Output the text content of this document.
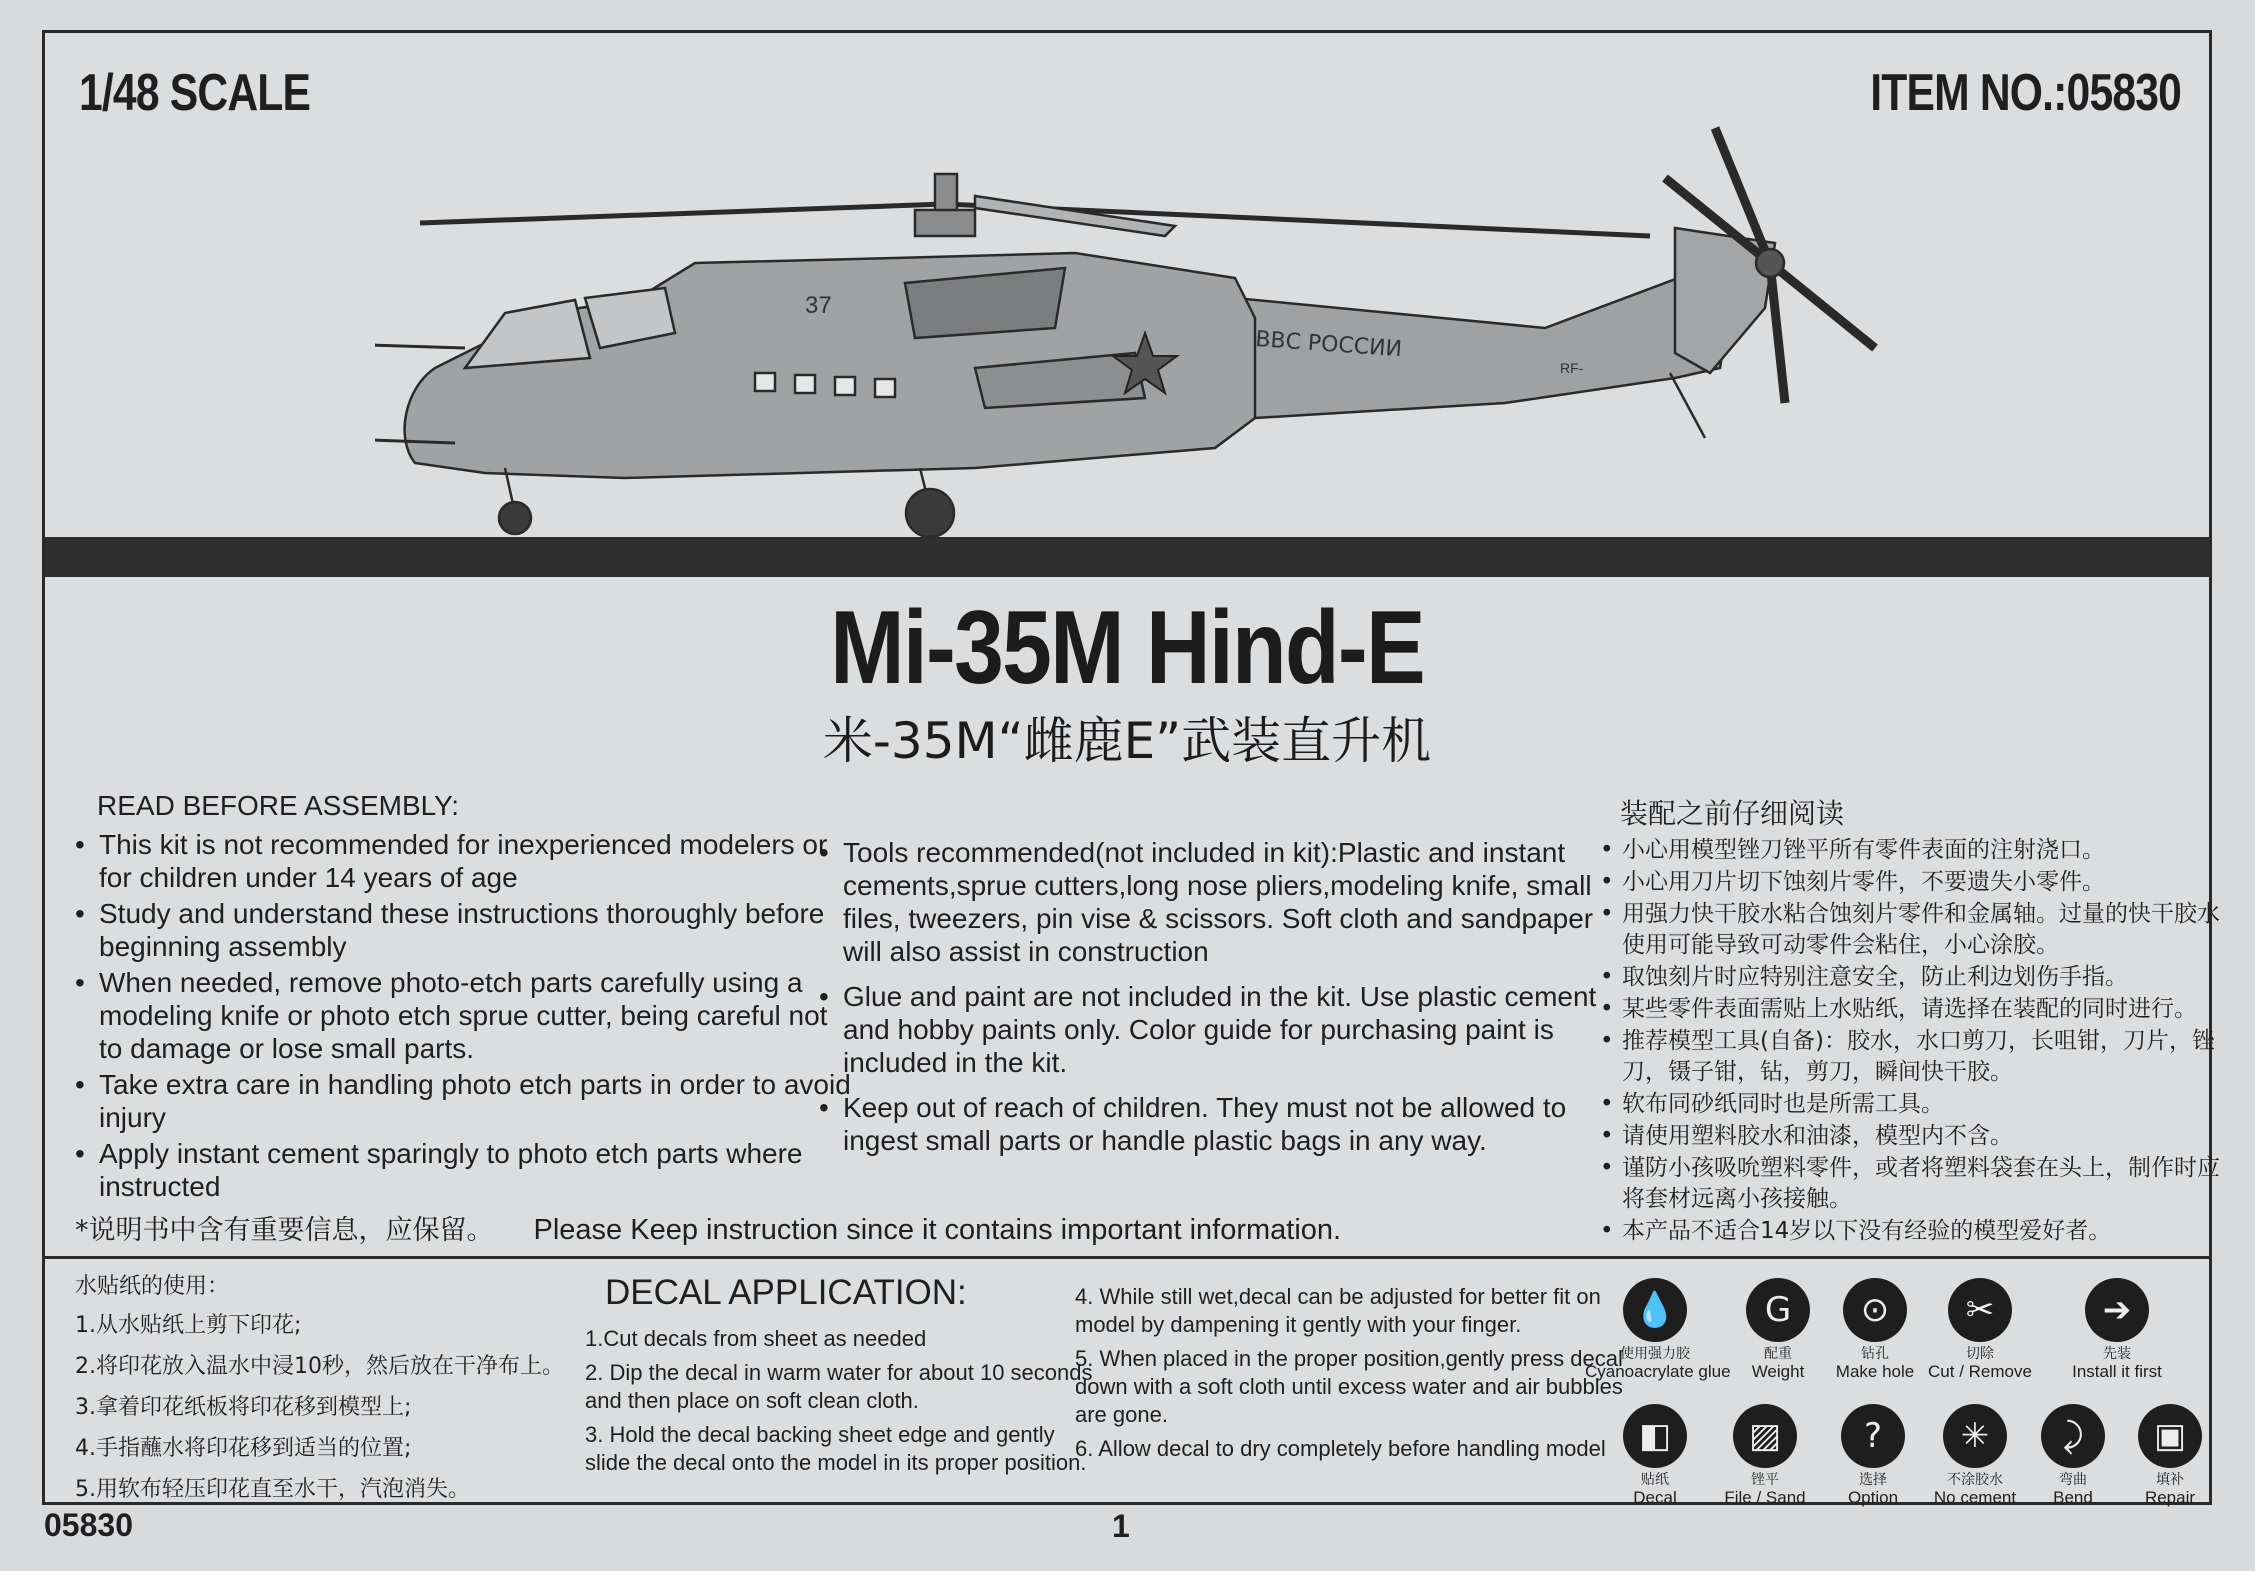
1/48 SCALE	ITEM NO.:05830
37
ВВС РОССИИ
RF-
Mi-35M Hind-E
米-35M“雌鹿E”武装直升机
READ BEFORE ASSEMBLY:
• This kit is not recommended for inexperienced modelers or for children under 14 years of age
• Study and understand these instructions thoroughly before beginning assembly
• When needed, remove photo-etch parts carefully using a modeling knife or photo etch sprue cutter, being careful not to damage or lose small parts.
• Take extra care in handling photo etch parts in order to avoid injury
• Apply instant cement sparingly to photo etch parts where instructed
• Tools recommended(not included in kit):Plastic and instant cements,sprue cutters,long nose pliers,modeling knife, small files, tweezers, pin vise & scissors. Soft cloth and sandpaper will also assist in construction
• Glue and paint are not included in the kit. Use plastic cement and hobby paints only. Color guide for purchasing paint is included in the kit.
• Keep out of reach of children. They must not be allowed to ingest small parts or handle plastic bags in any way.
装配之前仔细阅读
• 小心用模型锉刀锉平所有零件表面的注射浇口。
• 小心用刀片切下蚀刻片零件，不要遗失小零件。
• 用强力快干胶水粘合蚀刻片零件和金属轴。过量的快干胶水使用可能导致可动零件会粘住，小心涂胶。
• 取蚀刻片时应特别注意安全，防止利边划伤手指。
• 某些零件表面需贴上水贴纸，请选择在装配的同时进行。
• 推荐模型工具(自备)：胶水，水口剪刀，长咀钳，刀片，锉刀，镊子钳，钻，剪刀，瞬间快干胶。
• 软布同砂纸同时也是所需工具。
• 请使用塑料胶水和油漆，模型内不含。
• 谨防小孩吸吮塑料零件，或者将塑料袋套在头上，制作时应将套材远离小孩接触。
• 本产品不适合14岁以下没有经验的模型爱好者。
*说明书中含有重要信息，应保留。 Please Keep instruction since it contains important information.
水贴纸的使用：
1.从水贴纸上剪下印花;
2.将印花放入温水中浸10秒，然后放在干净布上。
3.拿着印花纸板将印花移到模型上;
4.手指蘸水将印花移到适当的位置;
5.用软布轻压印花直至水干，汽泡消失。
DECAL APPLICATION:
1.Cut decals from sheet as needed
2. Dip the decal in warm water for about 10 seconds and then place on soft clean cloth.
3. Hold the decal backing sheet edge and gently slide the decal onto the model in its proper position.
4. While still wet,decal can be adjusted for better fit on model by dampening it gently with your finger.
5. When placed in the proper position,gently press decal down with a soft cloth until excess water and air bubbles are gone.
6. Allow decal to dry completely before handling model
💧
使用强力胶
Cyanoacrylate glue
G
配重
Weight
⊙
钻孔
Make hole
✂
切除
Cut / Remove
➔
先装
Install it first
◧
贴纸
Decal
▨
锉平
File / Sand
?
选择
Option
✳
不涂胶水
No cement
⤸
弯曲
Bend
▣
填补
Repair
05830	1
